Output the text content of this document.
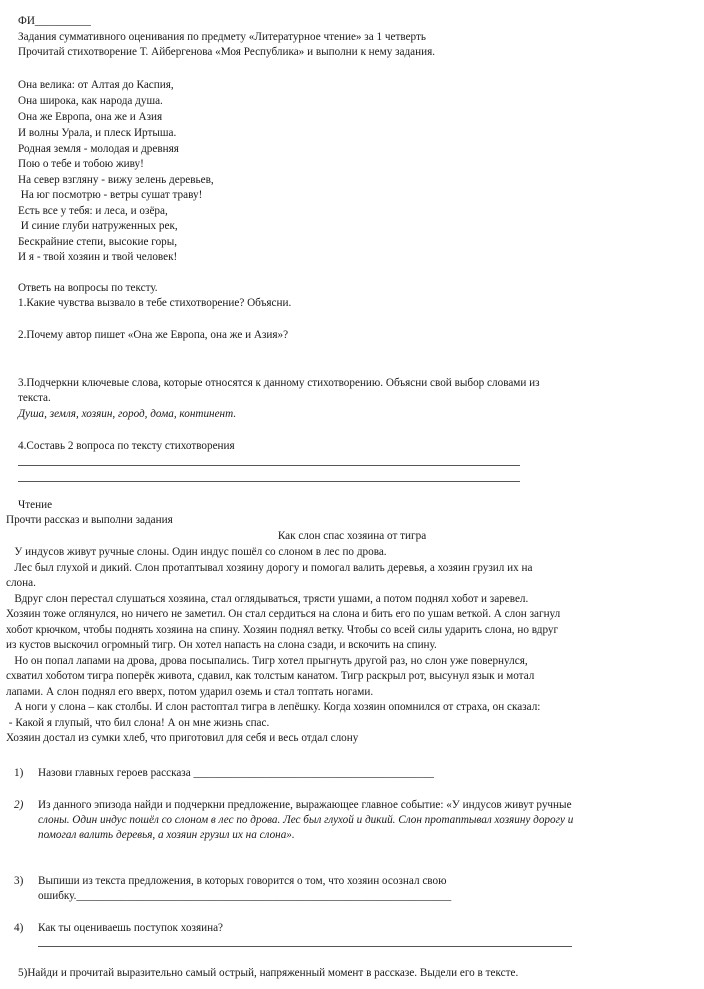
ФИ__________
Задания суммативного оценивания по предмету «Литературное чтение» за 1 четверть
Прочитай стихотворение Т. Айбергенова «Моя Республика» и выполни к нему задания.
Она велика: от Алтая до Каспия,
Она широка, как народа душа.
Она же Европа, она же и Азия
И волны Урала, и плеск Иртыша.
Родная земля - молодая и древняя
Пою о тебе и тобою живу!
На север взгляну - вижу зелень деревьев,
На юг посмотрю - ветры сушат траву!
Есть все у тебя: и леса, и озёра,
И синие глуби натруженных рек,
Бескрайние степи, высокие горы,
И я - твой хозяин и твой человек!
Ответь на вопросы по тексту.
1.Какие чувства вызвало в тебе стихотворение? Объясни.
2.Почему автор пишет «Она же Европа, она же и Азия»?
3.Подчеркни ключевые слова, которые относятся к данному стихотворению. Объясни свой выбор словами из
текста.
Душа, земля, хозяин, город, дома, континент.
4.Составь 2 вопроса по тексту стихотворения
Чтение
Прочти рассказ и выполни задания
Как слон спас хозяина от тигра
У индусов живут ручные слоны. Один индус пошёл со слоном в лес по дрова.
Лес был глухой и дикий. Слон протаптывал хозяину дорогу и помогал валить деревья, а хозяин грузил их на
слона.
Вдруг слон перестал слушаться хозяина, стал оглядываться, трясти ушами, а потом поднял хобот и заревел.
Хозяин тоже оглянулся, но ничего не заметил. Он стал сердиться на слона и бить его по ушам веткой. А слон загнул
хобот крючком, чтобы поднять хозяина на спину. Хозяин поднял ветку. Чтобы со всей силы ударить слона, но вдруг
из кустов выскочил огромный тигр. Он хотел напасть на слона сзади, и вскочить на спину.
Но он попал лапами на дрова, дрова посыпались. Тигр хотел прыгнуть другой раз, но слон уже повернулся,
схватил хоботом тигра поперёк живота, сдавил, как толстым канатом. Тигр раскрыл рот, высунул язык и мотал
лапами. А слон поднял его вверх, потом ударил оземь и стал топтать ногами.
А ноги у слона – как столбы. И слон растоптал тигра в лепёшку. Когда хозяин опомнился от страха, он сказал:
- Какой я глупый, что бил слона! А он мне жизнь спас.
Хозяин достал из сумки хлеб, что приготовил для себя и весь отдал слону
1) Назови главных героев рассказа ___________________________________________
2) Из данного эпизода найди и подчеркни предложение, выражающее главное событие: «У индусов живут ручные
слоны. Один индус пошёл со слоном в лес по дрова. Лес был глухой и дикий. Слон протаптывал хозяину дорогу и
помогал валить деревья, а хозяин грузил их на слона».
3) Выпиши из текста предложения, в которых говорится о том, что хозяин осознал свою
ошибку.___________________________________________________________________
4) Как ты оцениваешь поступок хозяина?
5)Найди и прочитай выразительно самый острый, напряженный момент в рассказе. Выдели его в тексте.
